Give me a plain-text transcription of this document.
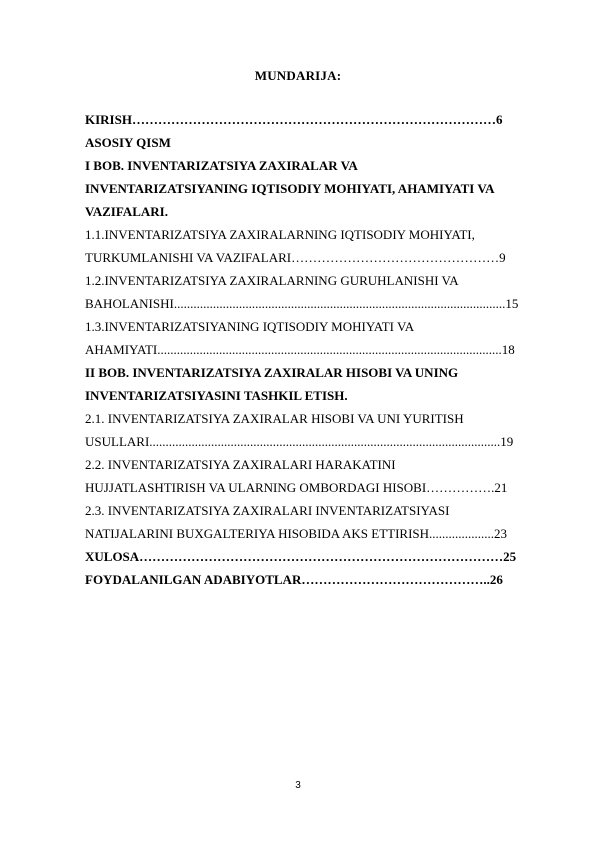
MUNDARIJA:
KIRISH…………………………………………………………………………6
ASOSIY QISM
I BOB. INVENTARIZATSIYA ZAXIRALAR VA
INVENTARIZATSIYANING IQTISODIY MOHIYATI, AHAMIYATI VA
VAZIFALARI.
1.1.INVENTARIZATSIYA ZAXIRALARNING IQTISODIY MOHIYATI,
TURKUMLANISHI VA VAZIFALARI…………………………………………9
1.2.INVENTARIZATSIYA ZAXIRALARNING GURUHLANISHI VA
BAHOLANISHI......................................................................................................15
1.3.INVENTARIZATSIYANING IQTISODIY MOHIYATI VA
AHAMIYATI..........................................................................................................18
II BOB. INVENTARIZATSIYA ZAXIRALAR HISOBI VA UNING
INVENTARIZATSIYASINI TASHKIL ETISH.
2.1. INVENTARIZATSIYA ZAXIRALAR HISOBI VA UNI YURITISH
USULLARI............................................................................................................19
2.2. INVENTARIZATSIYA ZAXIRALARI HARAKATINI
HUJJATLASHTIRISH VA ULARNING OMBORDAGI HISOBI…………….21
2.3. INVENTARIZATSIYA ZAXIRALARI INVENTARIZATSIYASI
NATIJALARINI BUXGALTERIYA HISOBIDA AKS ETTIRISH....................23
XULOSA…………………………………………………………………………25
FOYDALANILGAN ADABIYOTLAR……………………………………..26
3
